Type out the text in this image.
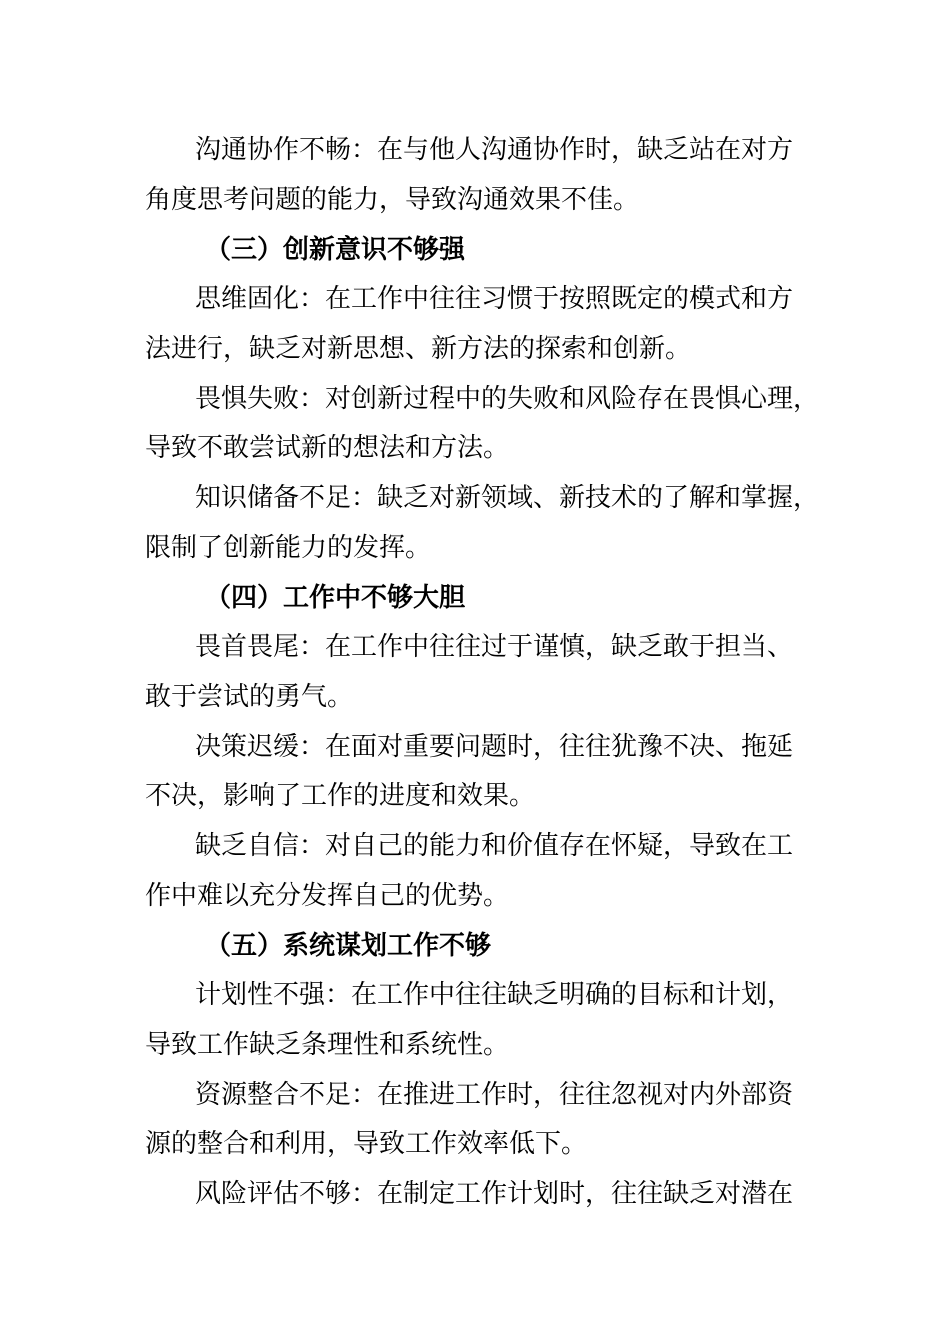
沟通协作不畅：在与他人沟通协作时，缺乏站在对方
角度思考问题的能力，导致沟通效果不佳。
（三）创新意识不够强
思维固化：在工作中往往习惯于按照既定的模式和方
法进行，缺乏对新思想、新方法的探索和创新。
畏惧失败：对创新过程中的失败和风险存在畏惧心理，
导致不敢尝试新的想法和方法。
知识储备不足：缺乏对新领域、新技术的了解和掌握，
限制了创新能力的发挥。
（四）工作中不够大胆
畏首畏尾：在工作中往往过于谨慎，缺乏敢于担当、
敢于尝试的勇气。
决策迟缓：在面对重要问题时，往往犹豫不决、拖延
不决，影响了工作的进度和效果。
缺乏自信：对自己的能力和价值存在怀疑，导致在工
作中难以充分发挥自己的优势。
（五）系统谋划工作不够
计划性不强：在工作中往往缺乏明确的目标和计划，
导致工作缺乏条理性和系统性。
资源整合不足：在推进工作时，往往忽视对内外部资
源的整合和利用，导致工作效率低下。
风险评估不够：在制定工作计划时，往往缺乏对潜在
